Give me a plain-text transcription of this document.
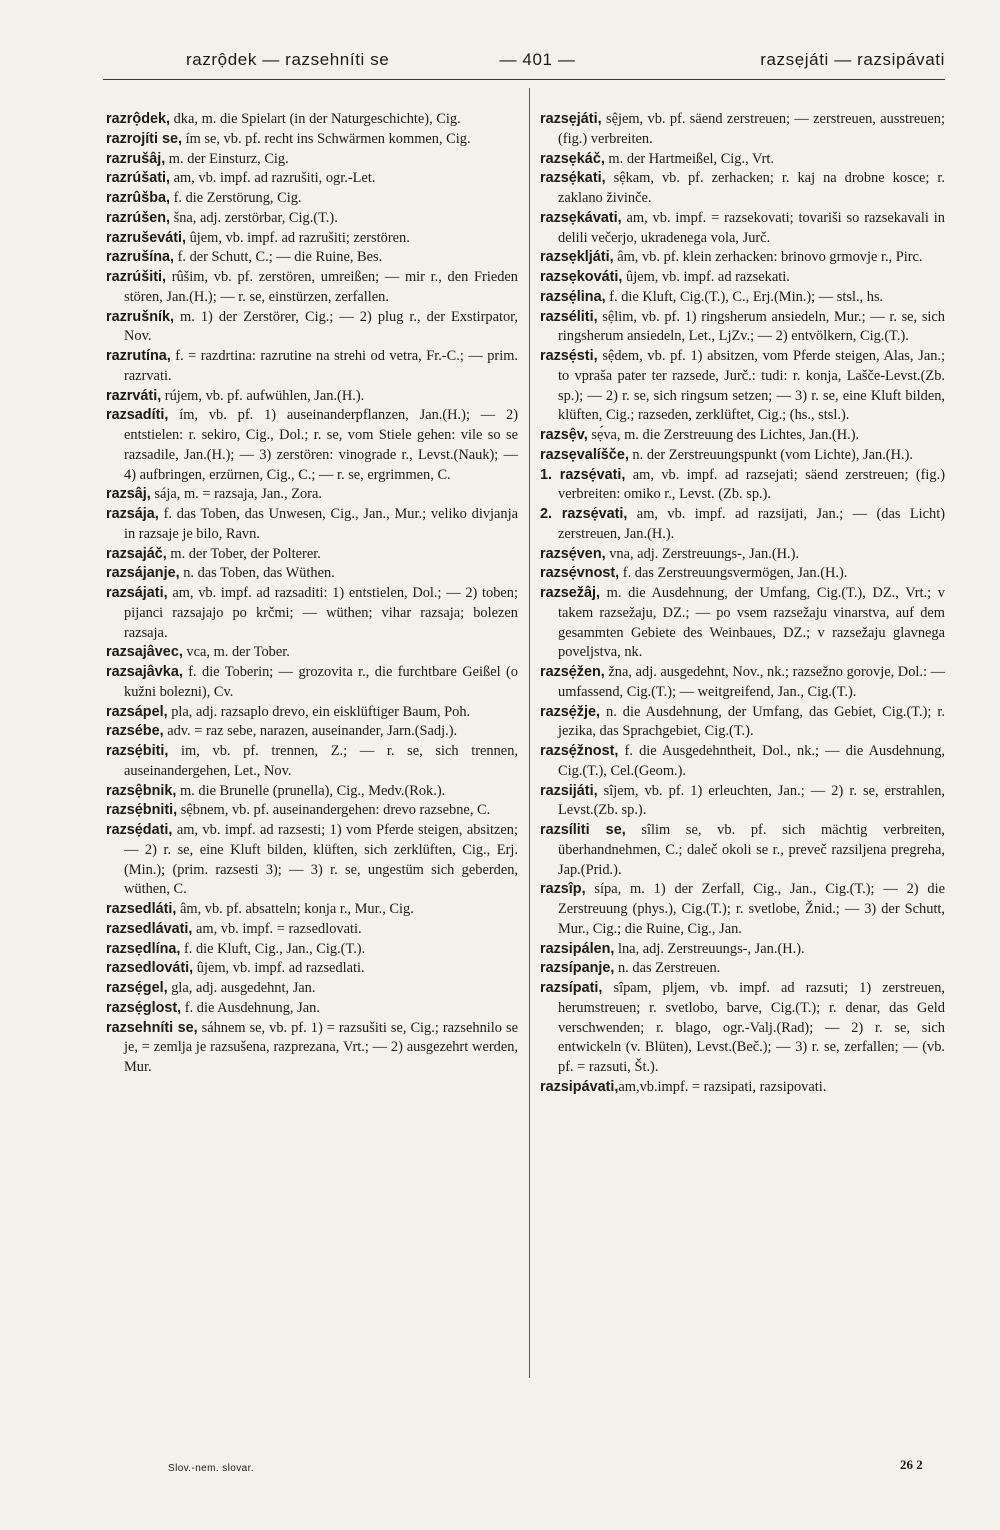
razrộdek — razsehníti se	— 401 —	razsẹjáti — razsipávati

razrộdek, dka, m. die Spielart (in der Naturgeschichte), Cig.

razrojíti se, ím se, vb. pf. recht ins Schwärmen kommen, Cig.

razrušâj, m. der Einsturz, Cig.

razrúšati, am, vb. impf. ad razrušiti, ogr.-Let.

razrûšba, f. die Zerstörung, Cig.

razrúšen, šna, adj. zerstörbar, Cig.(T.).

razruševáti, ûjem, vb. impf. ad razrušiti; zerstören.

razrušína, f. der Schutt, C.; — die Ruine, Bes.

razrúšiti, rûšim, vb. pf. zerstören, umreißen; — mir r., den Frieden stören, Jan.(H.); — r. se, einstürzen, zerfallen.

razrušník, m. 1) der Zerstörer, Cig.; — 2) plug r., der Exstirpator, Nov.

razrutína, f. = razdrtina: razrutine na strehi od vetra, Fr.-C.; — prim. razrvati.

razrváti, rújem, vb. pf. aufwühlen, Jan.(H.).

razsadíti, ím, vb. pf. 1) auseinanderpflanzen, Jan.(H.); — 2) entstielen: r. sekiro, Cig., Dol.; r. se, vom Stiele gehen: vile so se razsadile, Jan.(H.); — 3) zerstören: vinograde r., Levst.(Nauk); — 4) aufbringen, erzürnen, Cig., C.; — r. se, ergrimmen, C.

razsâj, sája, m. = razsaja, Jan., Zora.

razsája, f. das Toben, das Unwesen, Cig., Jan., Mur.; veliko divjanja in razsaje je bilo, Ravn.

razsajáč, m. der Tober, der Polterer.

razsájanje, n. das Toben, das Wüthen.

razsájati, am, vb. impf. ad razsaditi: 1) entstielen, Dol.; — 2) toben; pijanci razsajajo po krčmi; — wüthen; vihar razsaja; bolezen razsaja.

razsajâvec, vca, m. der Tober.

razsajâvka, f. die Toberin; — grozovita r., die furchtbare Geißel (o kužni bolezni), Cv.

razsápel, pla, adj. razsaplo drevo, ein eisklüftiger Baum, Poh.

razsébe, adv. = raz sebe, narazen, auseinander, Jarn.(Sadj.).

razsẹ́biti, im, vb. pf. trennen, Z.; — r. se, sich trennen, auseinandergehen, Let., Nov.

razsệbnik, m. die Brunelle (prunella), Cig., Medv.(Rok.).

razsẹ́bniti, sệbnem, vb. pf. auseinandergehen: drevo razsebne, C.

razsẹ́dati, am, vb. impf. ad razsesti; 1) vom Pferde steigen, absitzen; — 2) r. se, eine Kluft bilden, klüften, sich zerklüften, Cig., Erj.(Min.); (prim. razsesti 3); — 3) r. se, ungestüm sich geberden, wüthen, C.

razsedláti, âm, vb. pf. absatteln; konja r., Mur., Cig.

razsedlávati, am, vb. impf. = razsedlovati.

razsẹdlína, f. die Kluft, Cig., Jan., Cig.(T.).

razsedlováti, ûjem, vb. impf. ad razsedlati.

razsẹ́gel, gla, adj. ausgedehnt, Jan.

razsẹ́glost, f. die Ausdehnung, Jan.

razsehníti se, sáhnem se, vb. pf. 1) = razsušiti se, Cig.; razsehnilo se je, = zemlja je razsušena, razprezana, Vrt.; — 2) ausgezehrt werden, Mur.

razsẹjáti, sệjem, vb. pf. säend zerstreuen; — zerstreuen, ausstreuen; (fig.) verbreiten.

razsẹkáč, m. der Hartmeißel, Cig., Vrt.

razsẹ́kati, sệkam, vb. pf. zerhacken; r. kaj na drobne kosce; r. zaklano živinče.

razsẹkávati, am, vb. impf. = razsekovati; tovariši so razsekavali in delili večerjo, ukradenega vola, Jurč.

razsẹkljáti, âm, vb. pf. klein zerhacken: brinovo grmovje r., Pirc.

razsẹkováti, ûjem, vb. impf. ad razsekati.

razsẹ́lina, f. die Kluft, Cig.(T.), C., Erj.(Min.); — stsl., hs.

razséliti, sệlim, vb. pf. 1) ringsherum ansiedeln, Mur.; — r. se, sich ringsherum ansiedeln, Let., LjZv.; — 2) entvölkern, Cig.(T.).

razsẹ́sti, sệdem, vb. pf. 1) absitzen, vom Pferde steigen, Alas, Jan.; to vprašа pater ter razsede, Jurč.: tudi: r. konja, Lašče-Levst.(Zb. sp.); — 2) r. se, sich ringsum setzen; — 3) r. se, eine Kluft bilden, klüften, Cig.; razseden, zerklüftet, Cig.; (hs., stsl.).

razsệv, sẹ́va, m. die Zerstreuung des Lichtes, Jan.(H.).

razsẹvalíšče, n. der Zerstreuungspunkt (vom Lichte), Jan.(H.).

1. razsẹ́vati, am, vb. impf. ad razsejati; säend zerstreuen; (fig.) verbreiten: omiko r., Levst. (Zb. sp.).

2. razsẹ́vati, am, vb. impf. ad razsijati, Jan.; — (das Licht) zerstreuen, Jan.(H.).

razsẹ́ven, vna, adj. Zerstreuungs-, Jan.(H.).

razsẹ́vnost, f. das Zerstreuungsvermögen, Jan.(H.).

razsežâj, m. die Ausdehnung, der Umfang, Cig.(T.), DZ., Vrt.; v takem razsežaju, DZ.; — po vsem razsežaju vinarstva, auf dem gesammten Gebiete des Weinbaues, DZ.; v razsežaju glavnega poveljstva, nk.

razsẹ́žen, žna, adj. ausgedehnt, Nov., nk.; razsežno gorovje, Dol.: — umfassend, Cig.(T.); — weitgreifend, Jan., Cig.(T.).

razsẹ́žje, n. die Ausdehnung, der Umfang, das Gebiet, Cig.(T.); r. jezika, das Sprachgebiet, Cig.(T.).

razsẹ́žnost, f. die Ausgedehntheit, Dol., nk.; — die Ausdehnung, Cig.(T.), Cel.(Geom.).

razsijáti, sîjem, vb. pf. 1) erleuchten, Jan.; — 2) r. se, erstrahlen, Levst.(Zb. sp.).

razsíliti se, sîlim se, vb. pf. sich mächtig verbreiten, überhandnehmen, C.; daleč okoli se r., preveč razsiljena pregreha, Jap.(Prid.).

razsîp, sípa, m. 1) der Zerfall, Cig., Jan., Cig.(T.); — 2) die Zerstreuung (phys.), Cig.(T.); r. svetlobe, Žnid.; — 3) der Schutt, Mur., Cig.; die Ruine, Cig., Jan.

razsipálen, lna, adj. Zerstreuungs-, Jan.(H.).

razsípanje, n. das Zerstreuen.

razsípati, sîpam, pljem, vb. impf. ad razsuti; 1) zerstreuen, herumstreuen; r. svetlobo, barve, Cig.(T.); r. denar, das Geld verschwenden; r. blago, ogr.-Valj.(Rad); — 2) r. se, sich entwickeln (v. Blüten), Levst.(Beč.); — 3) r. se, zerfallen; — (vb. pf. = razsuti, Št.).

razsipávati,am,vb.impf. = razsipati, razsipovati.

Slov.-nem. slovar.	26 2
